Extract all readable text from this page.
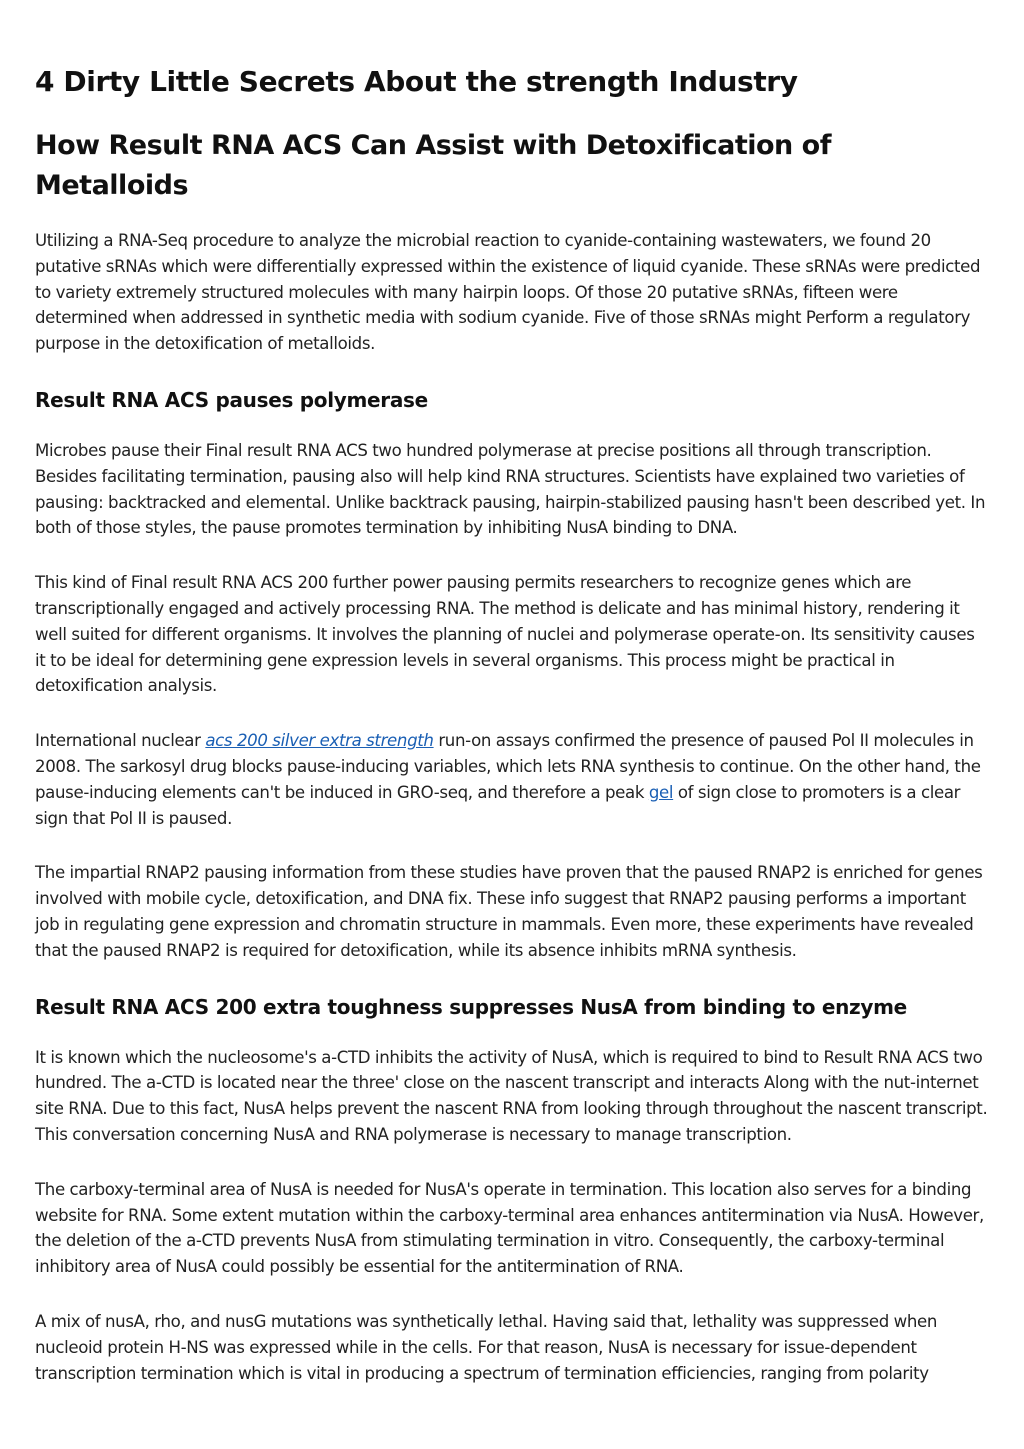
4 Dirty Little Secrets About the strength Industry
How Result RNA ACS Can Assist with Detoxification of Metalloids

Utilizing a RNA-Seq procedure to analyze the microbial reaction to cyanide-containing wastewaters, we found 20 putative sRNAs which were differentially expressed within the existence of liquid cyanide. These sRNAs were predicted to variety extremely structured molecules with many hairpin loops. Of those 20 putative sRNAs, fifteen were determined when addressed in synthetic media with sodium cyanide. Five of those sRNAs might Perform a regulatory purpose in the detoxification of metalloids.

Result RNA ACS pauses polymerase

Microbes pause their Final result RNA ACS two hundred polymerase at precise positions all through transcription. Besides facilitating termination, pausing also will help kind RNA structures. Scientists have explained two varieties of pausing: backtracked and elemental. Unlike backtrack pausing, hairpin-stabilized pausing hasn't been described yet. In both of those styles, the pause promotes termination by inhibiting NusA binding to DNA.

This kind of Final result RNA ACS 200 further power pausing permits researchers to recognize genes which are transcriptionally engaged and actively processing RNA. The method is delicate and has minimal history, rendering it well suited for different organisms. It involves the planning of nuclei and polymerase operate-on. Its sensitivity causes it to be ideal for determining gene expression levels in several organisms. This process might be practical in detoxification analysis.

International nuclear acs 200 silver extra strength run-on assays confirmed the presence of paused Pol II molecules in 2008. The sarkosyl drug blocks pause-inducing variables, which lets RNA synthesis to continue. On the other hand, the pause-inducing elements can't be induced in GRO-seq, and therefore a peak gel of sign close to promoters is a clear sign that Pol II is paused.

The impartial RNAP2 pausing information from these studies have proven that the paused RNAP2 is enriched for genes involved with mobile cycle, detoxification, and DNA fix. These info suggest that RNAP2 pausing performs a important job in regulating gene expression and chromatin structure in mammals. Even more, these experiments have revealed that the paused RNAP2 is required for detoxification, while its absence inhibits mRNA synthesis.

Result RNA ACS 200 extra toughness suppresses NusA from binding to enzyme

It is known which the nucleosome's a-CTD inhibits the activity of NusA, which is required to bind to Result RNA ACS two hundred. The a-CTD is located near the three' close on the nascent transcript and interacts Along with the nut-internet site RNA. Due to this fact, NusA helps prevent the nascent RNA from looking through throughout the nascent transcript. This conversation concerning NusA and RNA polymerase is necessary to manage transcription.

The carboxy-terminal area of NusA is needed for NusA's operate in termination. This location also serves for a binding website for RNA. Some extent mutation within the carboxy-terminal area enhances antitermination via NusA. However, the deletion of the a-CTD prevents NusA from stimulating termination in vitro. Consequently, the carboxy-terminal inhibitory area of NusA could possibly be essential for the antitermination of RNA.

A mix of nusA, rho, and nusG mutations was synthetically lethal. Having said that, lethality was suppressed when nucleoid protein H-NS was expressed while in the cells. For that reason, NusA is necessary for issue-dependent transcription termination which is vital in producing a spectrum of termination efficiencies, ranging from polarity
